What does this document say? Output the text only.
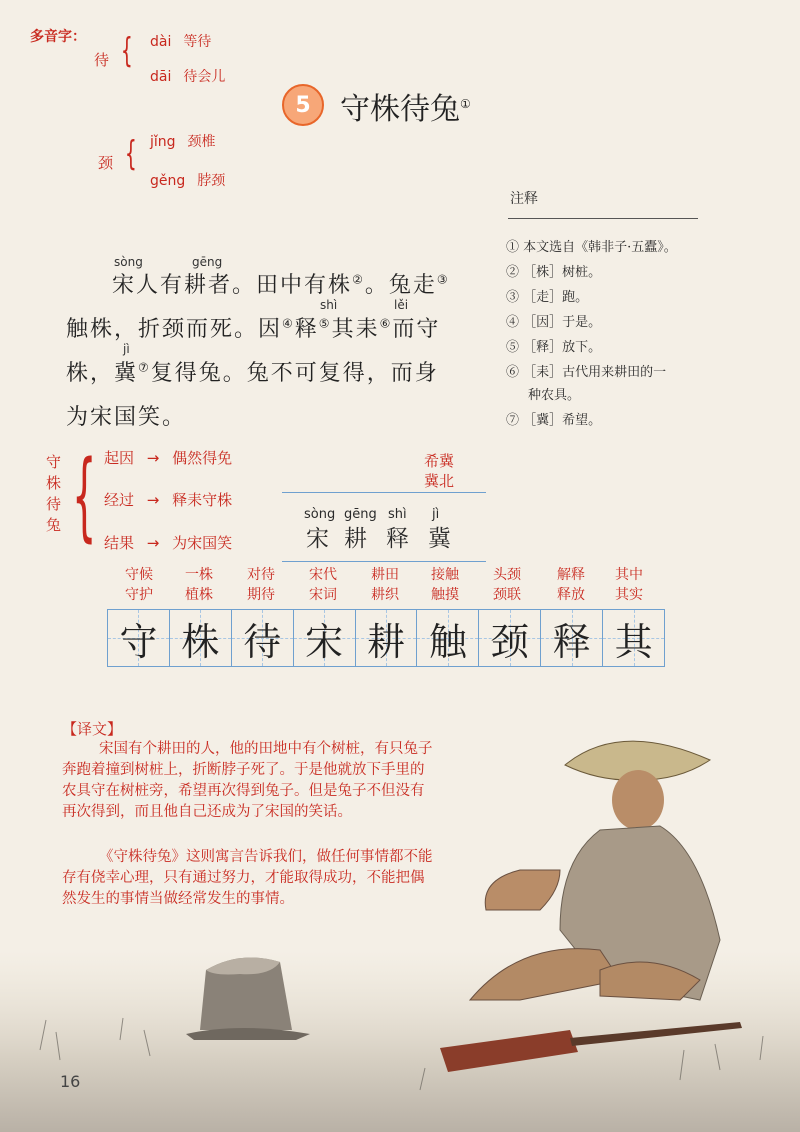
多音字：
待 { dài 等待
dāi 待会儿
颈 { jǐng 颈椎
gěng 脖颈
5 守株待兔①
注释
① 本文选自《韩非子·五蠹》。
② ［株］树桩。
③ ［走］跑。
④ ［因］于是。
⑤ ［释］放下。
⑥ ［耒］古代用来耕田的一
种农具。
⑦ ［冀］希望。
sòng	gēng
shì	lěi
jì
宋人有耕者。田中有株②。兔走③
触株，折颈而死。因④释⑤其耒⑥而守
株，冀⑦复得兔。兔不可复得，而身
为宋国笑。
守株待兔 { 起因 → 偶然得免
经过 → 释耒守株
结果 → 为宋国笑
希冀
冀北
sòng gēng shì jì
宋 耕 释 冀
守候
守护
一株
植株
对待
期待
宋代
宋词
耕田
耕织
接触
触摸
头颈
颈联
解释
释放
其中
其实
守 株 待 宋 耕 触 颈 释 其
【译文】
宋国有个耕田的人，他的田地中有个树桩，有只兔子
奔跑着撞到树桩上，折断脖子死了。于是他就放下手里的
农具守在树桩旁，希望再次得到兔子。但是兔子不但没有
再次得到，而且他自己还成为了宋国的笑话。
《守株待兔》这则寓言告诉我们，做任何事情都不能
存有侥幸心理，只有通过努力，才能取得成功，不能把偶
然发生的事情当做经常发生的事情。
16
